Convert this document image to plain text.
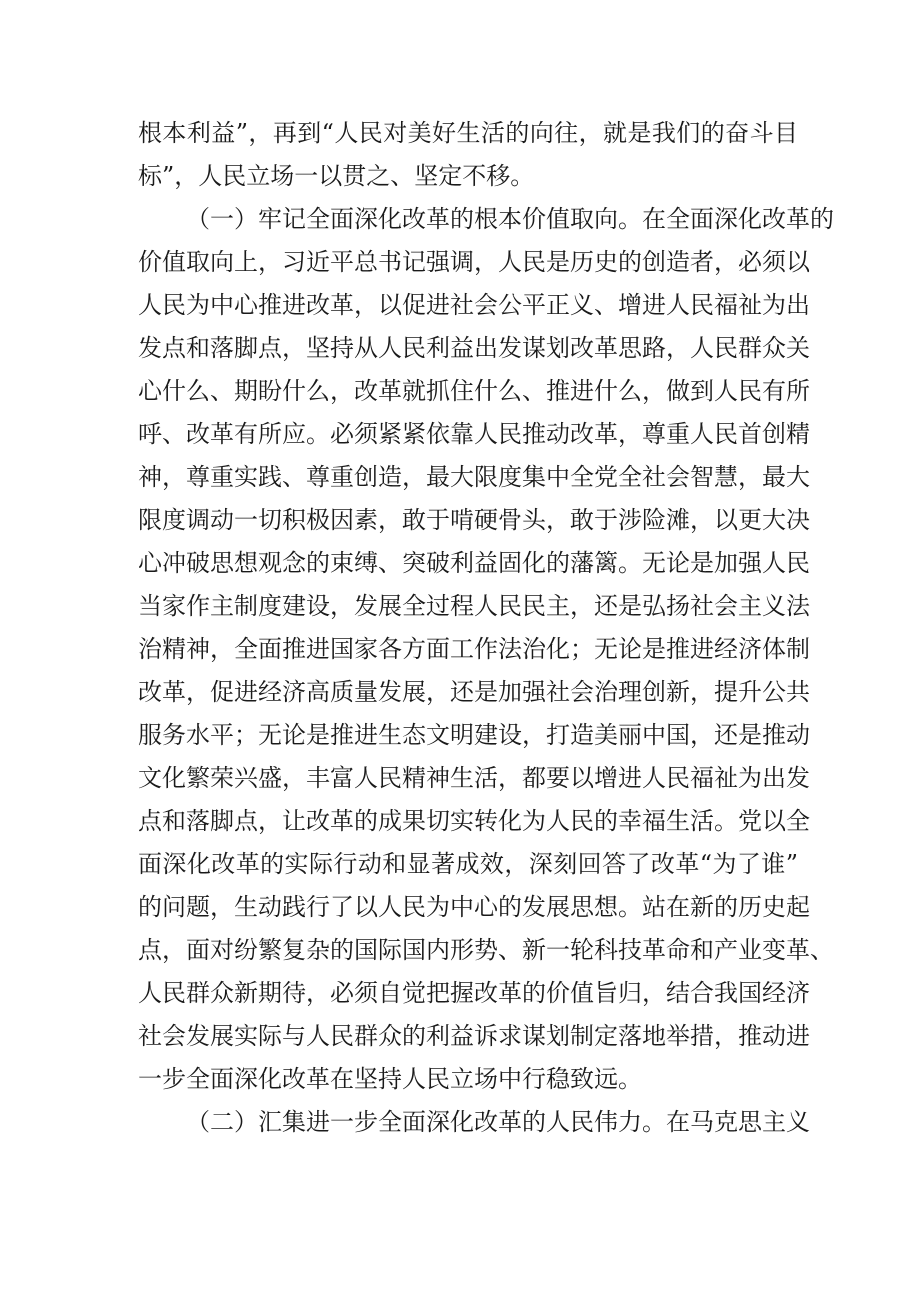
根本利益”，再到“人民对美好生活的向往，就是我们的奋斗目
标”，人民立场一以贯之、坚定不移。
（一）牢记全面深化改革的根本价值取向。在全面深化改革的
价值取向上，习近平总书记强调，人民是历史的创造者，必须以
人民为中心推进改革，以促进社会公平正义、增进人民福祉为出
发点和落脚点，坚持从人民利益出发谋划改革思路，人民群众关
心什么、期盼什么，改革就抓住什么、推进什么，做到人民有所
呼、改革有所应。必须紧紧依靠人民推动改革，尊重人民首创精
神，尊重实践、尊重创造，最大限度集中全党全社会智慧，最大
限度调动一切积极因素，敢于啃硬骨头，敢于涉险滩，以更大决
心冲破思想观念的束缚、突破利益固化的藩篱。无论是加强人民
当家作主制度建设，发展全过程人民民主，还是弘扬社会主义法
治精神，全面推进国家各方面工作法治化；无论是推进经济体制
改革，促进经济高质量发展，还是加强社会治理创新，提升公共
服务水平；无论是推进生态文明建设，打造美丽中国，还是推动
文化繁荣兴盛，丰富人民精神生活，都要以增进人民福祉为出发
点和落脚点，让改革的成果切实转化为人民的幸福生活。党以全
面深化改革的实际行动和显著成效，深刻回答了改革“为了谁”
的问题，生动践行了以人民为中心的发展思想。站在新的历史起
点，面对纷繁复杂的国际国内形势、新一轮科技革命和产业变革、
人民群众新期待，必须自觉把握改革的价值旨归，结合我国经济
社会发展实际与人民群众的利益诉求谋划制定落地举措，推动进
一步全面深化改革在坚持人民立场中行稳致远。
（二）汇集进一步全面深化改革的人民伟力。在马克思主义
